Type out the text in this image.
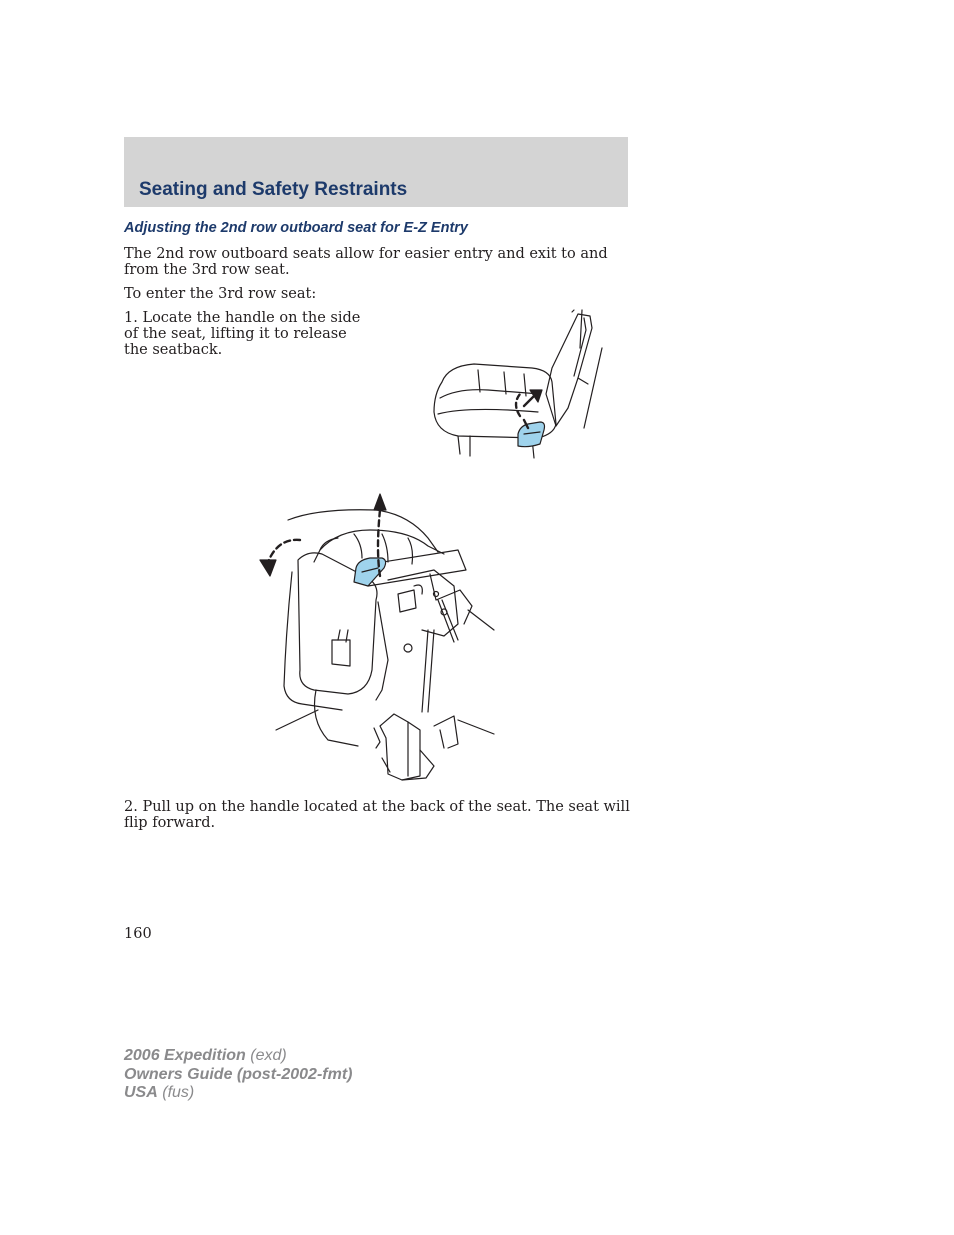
Seating and Safety Restraints
Adjusting the 2nd row outboard seat for E-Z Entry

The 2nd row outboard seats allow for easier entry and exit to and from the 3rd row seat.

To enter the 3rd row seat:

1. Locate the handle on the side of the seat, lifting it to release the seatback.

2. Pull up on the handle located at the back of the seat. The seat will flip forward.

160

2006 Expedition (exd)
Owners Guide (post-2002-fmt)
USA (fus)
